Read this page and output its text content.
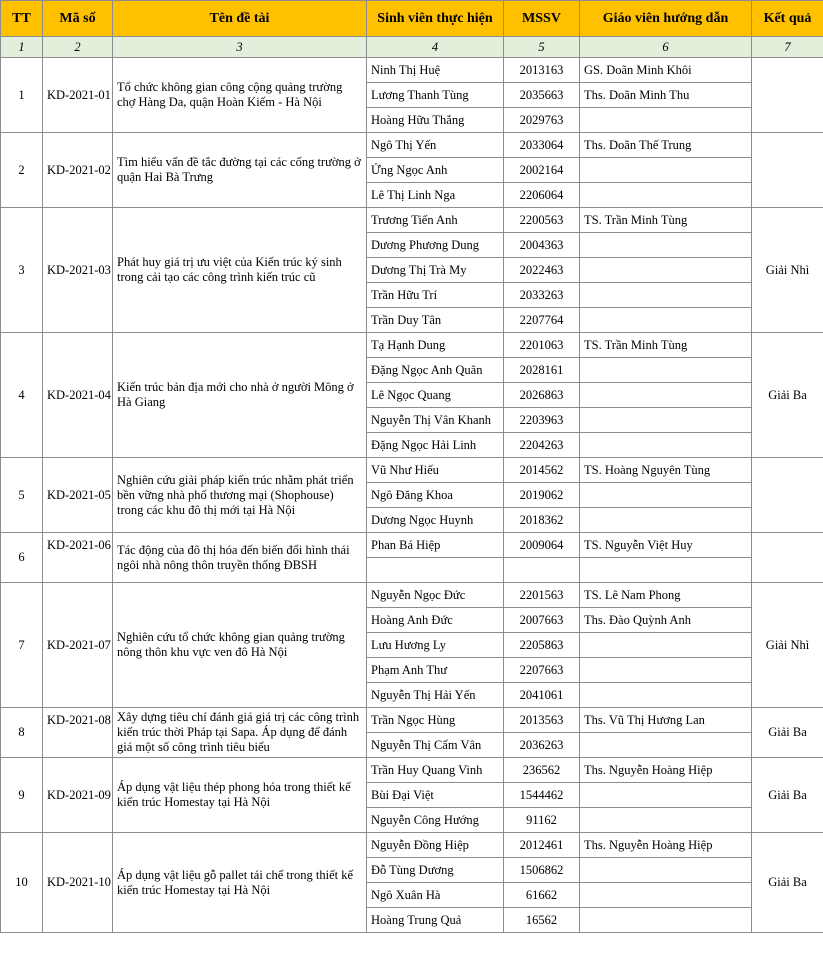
TT	Mã số	Tên đề tài	Sinh viên thực hiện	MSSV	Giáo viên hướng dẫn	Kết quả
1	2	3	4	5	6	7
1	KD-2021-01	Tổ chức không gian công cộng quảng trường chợ Hàng Da, quận Hoàn Kiếm - Hà Nội	Ninh Thị Huệ	2013163	GS. Doãn Minh Khôi	
			Lương Thanh Tùng	2035663	Ths. Doãn Minh Thu	
			Hoàng Hữu Thắng	2029763		
2	KD-2021-02	Tìm hiểu vấn đề tắc đường tại các cổng trường ở quận Hai Bà Trưng	Ngô Thị Yến	2033064	Ths. Doãn Thế Trung	
			Ửng Ngọc Anh	2002164		
			Lê Thị Linh Nga	2206064		
3	KD-2021-03	Phát huy giá trị ưu việt của Kiến trúc ký sinh trong cải tạo các công trình kiến trúc cũ	Trương Tiến Anh	2200563	TS. Trần Minh Tùng	Giải Nhì
			Dương Phương Dung	2004363		
			Dương Thị Trà My	2022463		
			Trần Hữu Trí	2033263		
			Trần Duy Tân	2207764		
4	KD-2021-04	Kiến trúc bản địa mới cho nhà ở người Mông ở Hà Giang	Tạ Hạnh Dung	2201063	TS. Trần Minh Tùng	Giải Ba
			Đặng Ngọc Anh Quân	2028161		
			Lê Ngọc Quang	2026863		
			Nguyễn Thị Vân Khanh	2203963		
			Đặng Ngọc Hải Linh	2204263		
5	KD-2021-05	Nghiên cứu giải pháp kiến trúc nhằm phát triển bền vững nhà phố thương mại (Shophouse) trong các khu đô thị mới tại Hà Nội	Vũ Như Hiếu	2014562	TS. Hoàng Nguyên Tùng	
			Ngô Đăng Khoa	2019062		
			Dương Ngọc Huynh	2018362		
6	KD-2021-06	Tác động của đô thị hóa đến biến đổi hình thái ngôi nhà nông thôn truyền thống ĐBSH	Phan Bá Hiệp	2009064	TS. Nguyễn Việt Huy	

7	KD-2021-07	Nghiên cứu tổ chức không gian quảng trường nông thôn khu vực ven đô Hà Nội	Nguyễn Ngọc Đức	2201563	TS. Lê Nam Phong	Giải Nhì
			Hoàng Anh Đức	2007663	Ths. Đào Quỳnh Anh	
			Lưu Hương Ly	2205863		
			Phạm Anh Thư	2207663		
			Nguyễn Thị Hải Yến	2041061		
8	KD-2021-08	Xây dựng tiêu chí đánh giá giá trị các công trình kiến trúc thời Pháp tại Sapa. Áp dụng để đánh giá một số công trình tiêu biểu	Trần Ngọc Hùng	2013563	Ths. Vũ Thị Hương Lan	Giải Ba
			Nguyễn Thị Cẩm Vân	2036263		
9	KD-2021-09	Áp dụng vật liệu thép phong hóa trong thiết kế kiến trúc Homestay tại Hà Nội	Trần Huy Quang Vinh	236562	Ths. Nguyễn Hoàng Hiệp	Giải Ba
			Bùi Đại Việt	1544462		
			Nguyễn Công Hướng	91162		
10	KD-2021-10	Áp dụng vật liệu gỗ pallet tái chế trong thiết kế kiến trúc Homestay tại Hà Nội	Nguyễn Đồng Hiệp	2012461	Ths. Nguyễn Hoàng Hiệp	Giải Ba
			Đỗ Tùng Dương	1506862		
			Ngô Xuân Hà	61662		
			Hoàng Trung Quả	16562		
